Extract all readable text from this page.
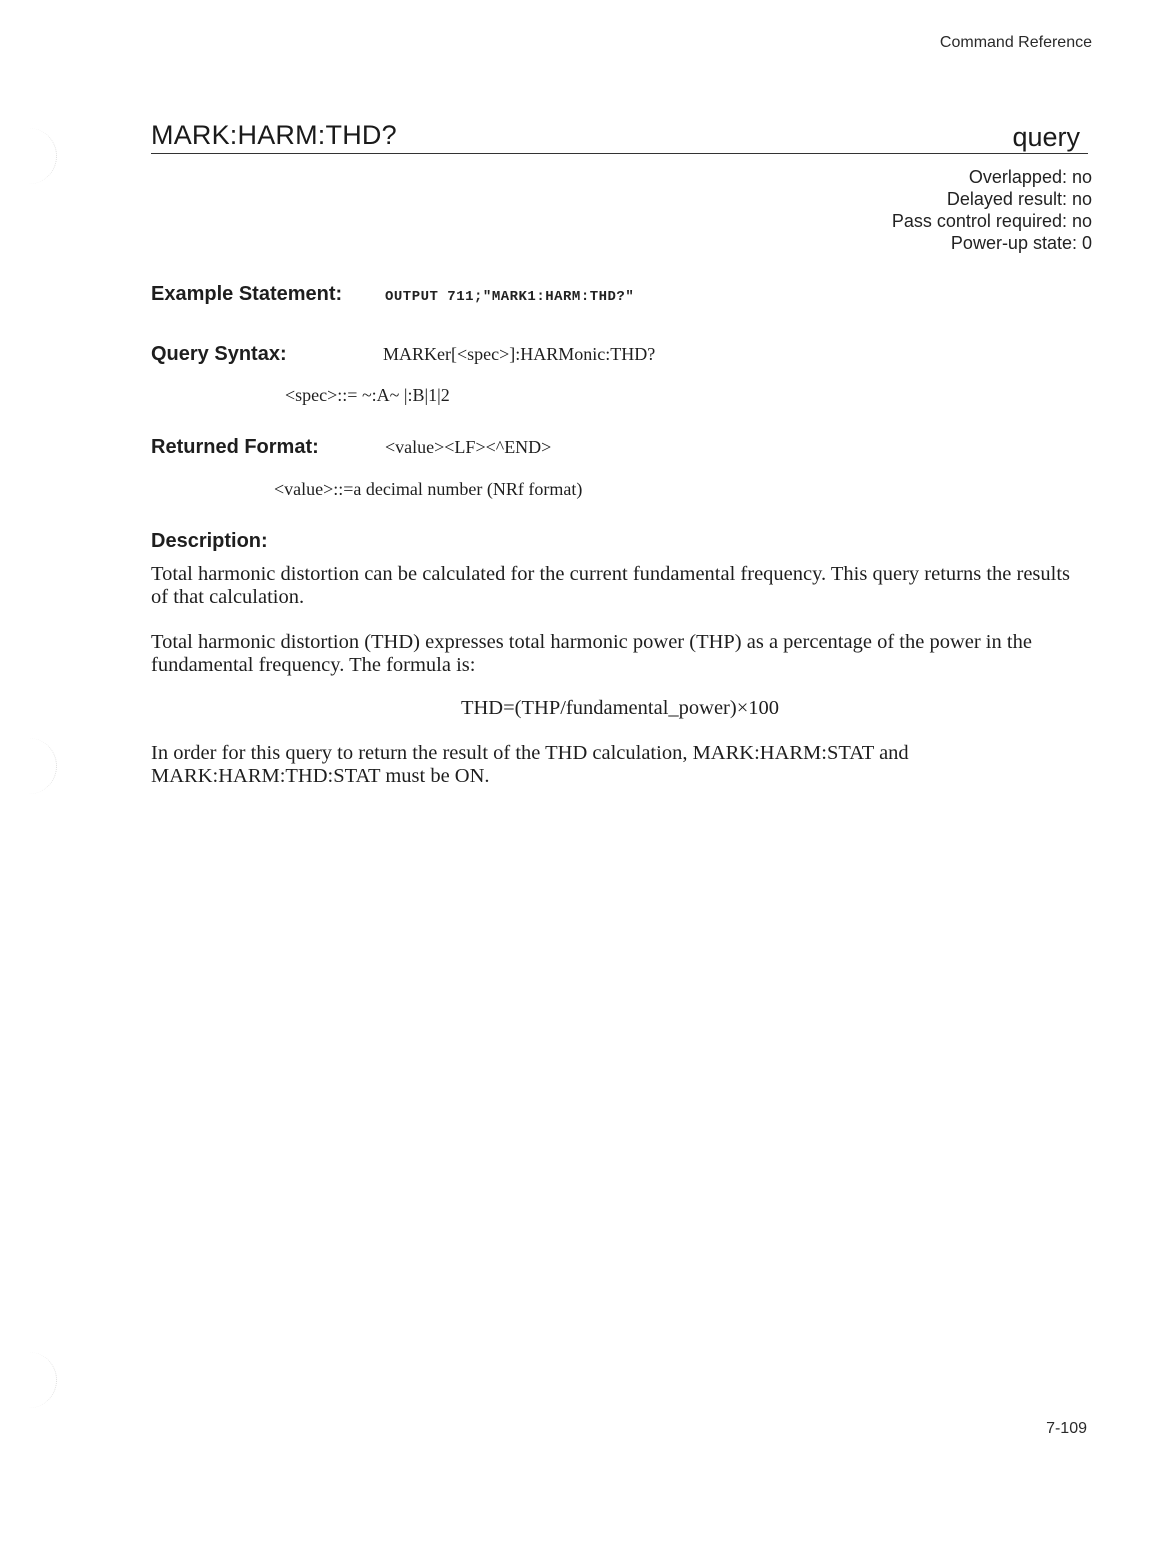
Command Reference
MARK:HARM:THD?	query
Overlapped: no
Delayed result: no
Pass control required: no
Power-up state: 0
Example Statement:	OUTPUT 711;"MARK1:HARM:THD?"
Query Syntax:	MARKer[<spec>]:HARMonic:THD?
<spec>::= ~:A~ |:B|1|2
Returned Format:	<value><LF><^END>
<value>::=a decimal number (NRf format)
Description:

Total harmonic distortion can be calculated for the current fundamental frequency. This query returns the results of that calculation.

Total harmonic distortion (THD) expresses total harmonic power (THP) as a percentage of the power in the fundamental frequency. The formula is:

THD=(THP/fundamental_power)×100

In order for this query to return the result of the THD calculation, MARK:HARM:STAT and MARK:HARM:THD:STAT must be ON.

7-109
